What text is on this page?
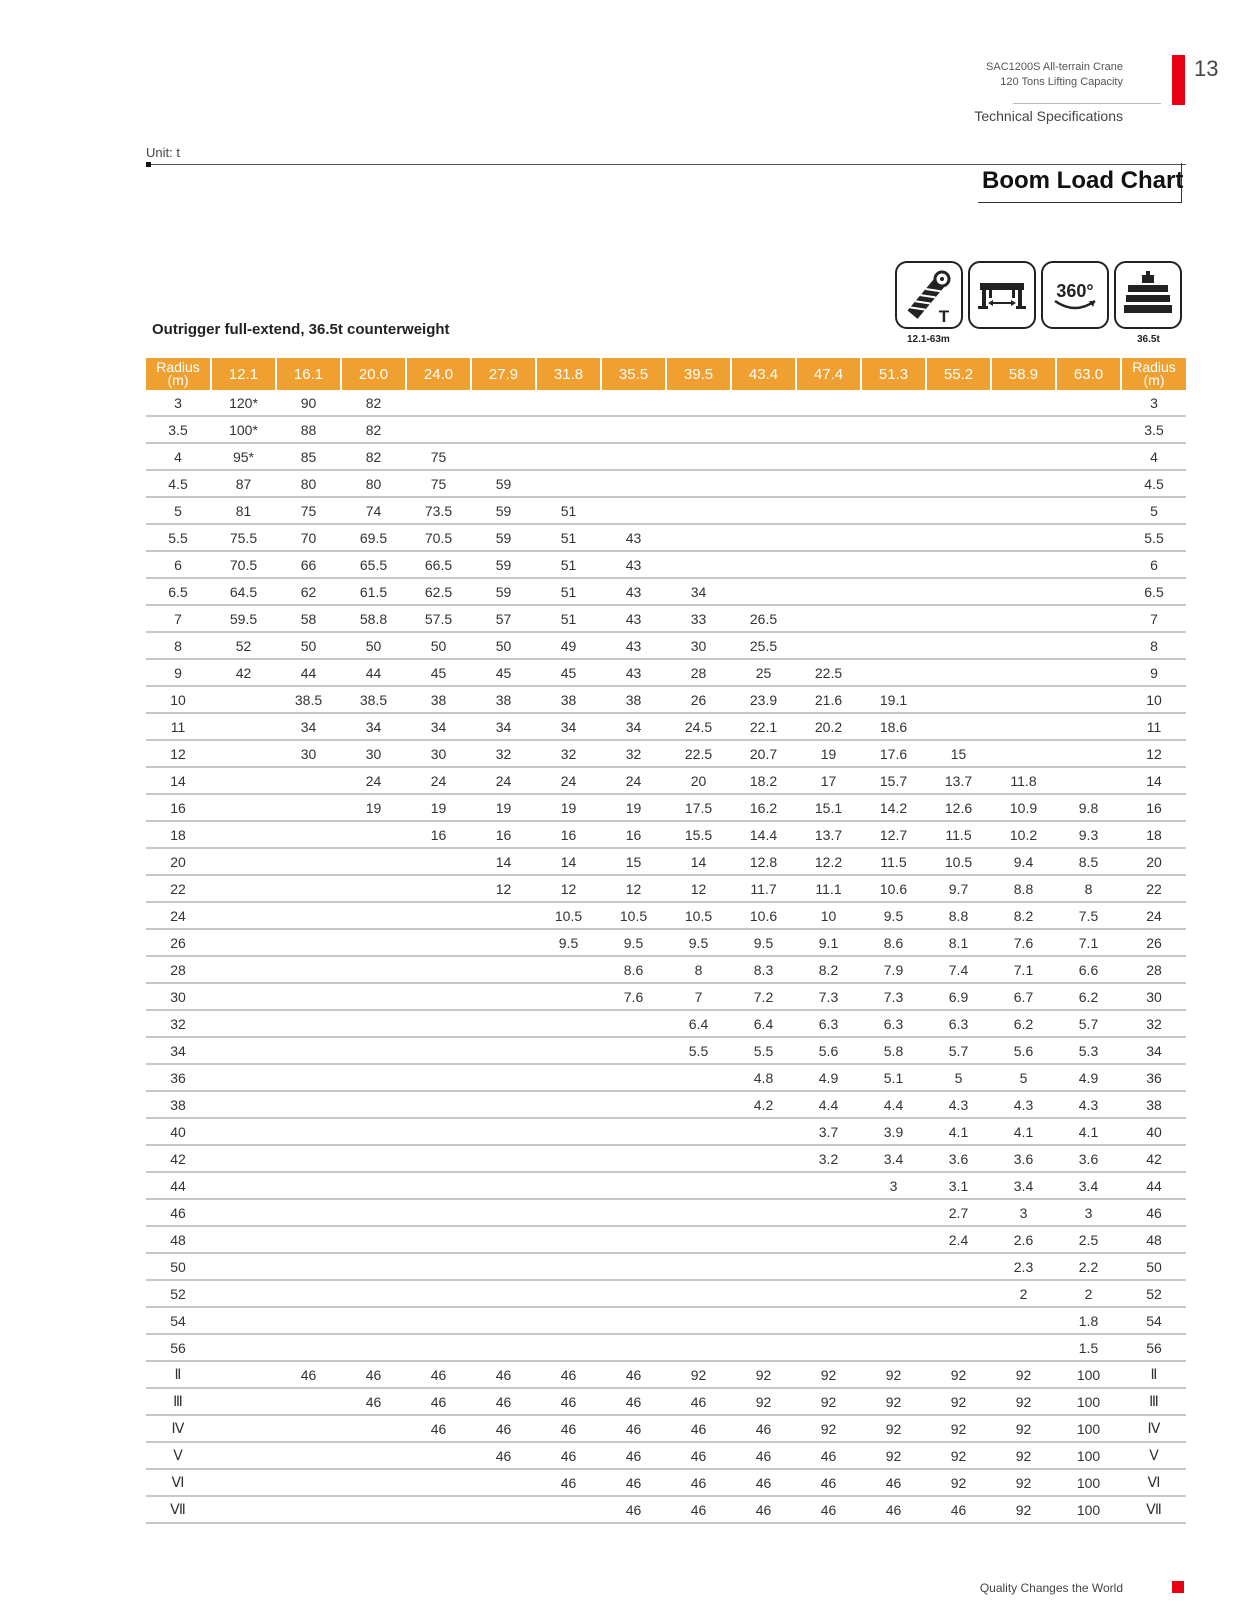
SAC1200S All-terrain Crane
120 Tons Lifting Capacity
Technical Specifications
13
Unit: t
Boom Load Chart
T
360°
12.1-63m	36.5t
Outrigger full-extend, 36.5t counterweight
Radius
(m)	12.1	16.1	20.0	24.0	27.9	31.8	35.5	39.5	43.4	47.4	51.3	55.2	58.9	63.0	Radius
(m)
3	120*	90	82												3
3.5	100*	88	82												3.5
4	95*	85	82	75											4
4.5	87	80	80	75	59										4.5
5	81	75	74	73.5	59	51									5
5.5	75.5	70	69.5	70.5	59	51	43								5.5
6	70.5	66	65.5	66.5	59	51	43								6
6.5	64.5	62	61.5	62.5	59	51	43	34							6.5
7	59.5	58	58.8	57.5	57	51	43	33	26.5						7
8	52	50	50	50	50	49	43	30	25.5						8
9	42	44	44	45	45	45	43	28	25	22.5					9
10		38.5	38.5	38	38	38	38	26	23.9	21.6	19.1				10
11		34	34	34	34	34	34	24.5	22.1	20.2	18.6				11
12		30	30	30	32	32	32	22.5	20.7	19	17.6	15			12
14			24	24	24	24	24	20	18.2	17	15.7	13.7	11.8		14
16			19	19	19	19	19	17.5	16.2	15.1	14.2	12.6	10.9	9.8	16
18				16	16	16	16	15.5	14.4	13.7	12.7	11.5	10.2	9.3	18
20					14	14	15	14	12.8	12.2	11.5	10.5	9.4	8.5	20
22					12	12	12	12	11.7	11.1	10.6	9.7	8.8	8	22
24						10.5	10.5	10.5	10.6	10	9.5	8.8	8.2	7.5	24
26						9.5	9.5	9.5	9.5	9.1	8.6	8.1	7.6	7.1	26
28							8.6	8	8.3	8.2	7.9	7.4	7.1	6.6	28
30							7.6	7	7.2	7.3	7.3	6.9	6.7	6.2	30
32								6.4	6.4	6.3	6.3	6.3	6.2	5.7	32
34								5.5	5.5	5.6	5.8	5.7	5.6	5.3	34
36									4.8	4.9	5.1	5	5	4.9	36
38									4.2	4.4	4.4	4.3	4.3	4.3	38
40										3.7	3.9	4.1	4.1	4.1	40
42										3.2	3.4	3.6	3.6	3.6	42
44											3	3.1	3.4	3.4	44
46												2.7	3	3	46
48												2.4	2.6	2.5	48
50													2.3	2.2	50
52													2	2	52
54														1.8	54
56														1.5	56
Ⅱ		46	46	46	46	46	46	92	92	92	92	92	92	100	Ⅱ
Ⅲ			46	46	46	46	46	46	92	92	92	92	92	100	Ⅲ
Ⅳ				46	46	46	46	46	46	92	92	92	92	100	Ⅳ
Ⅴ					46	46	46	46	46	46	92	92	92	100	Ⅴ
Ⅵ						46	46	46	46	46	46	92	92	100	Ⅵ
Ⅶ							46	46	46	46	46	46	92	100	Ⅶ
Quality Changes the World
